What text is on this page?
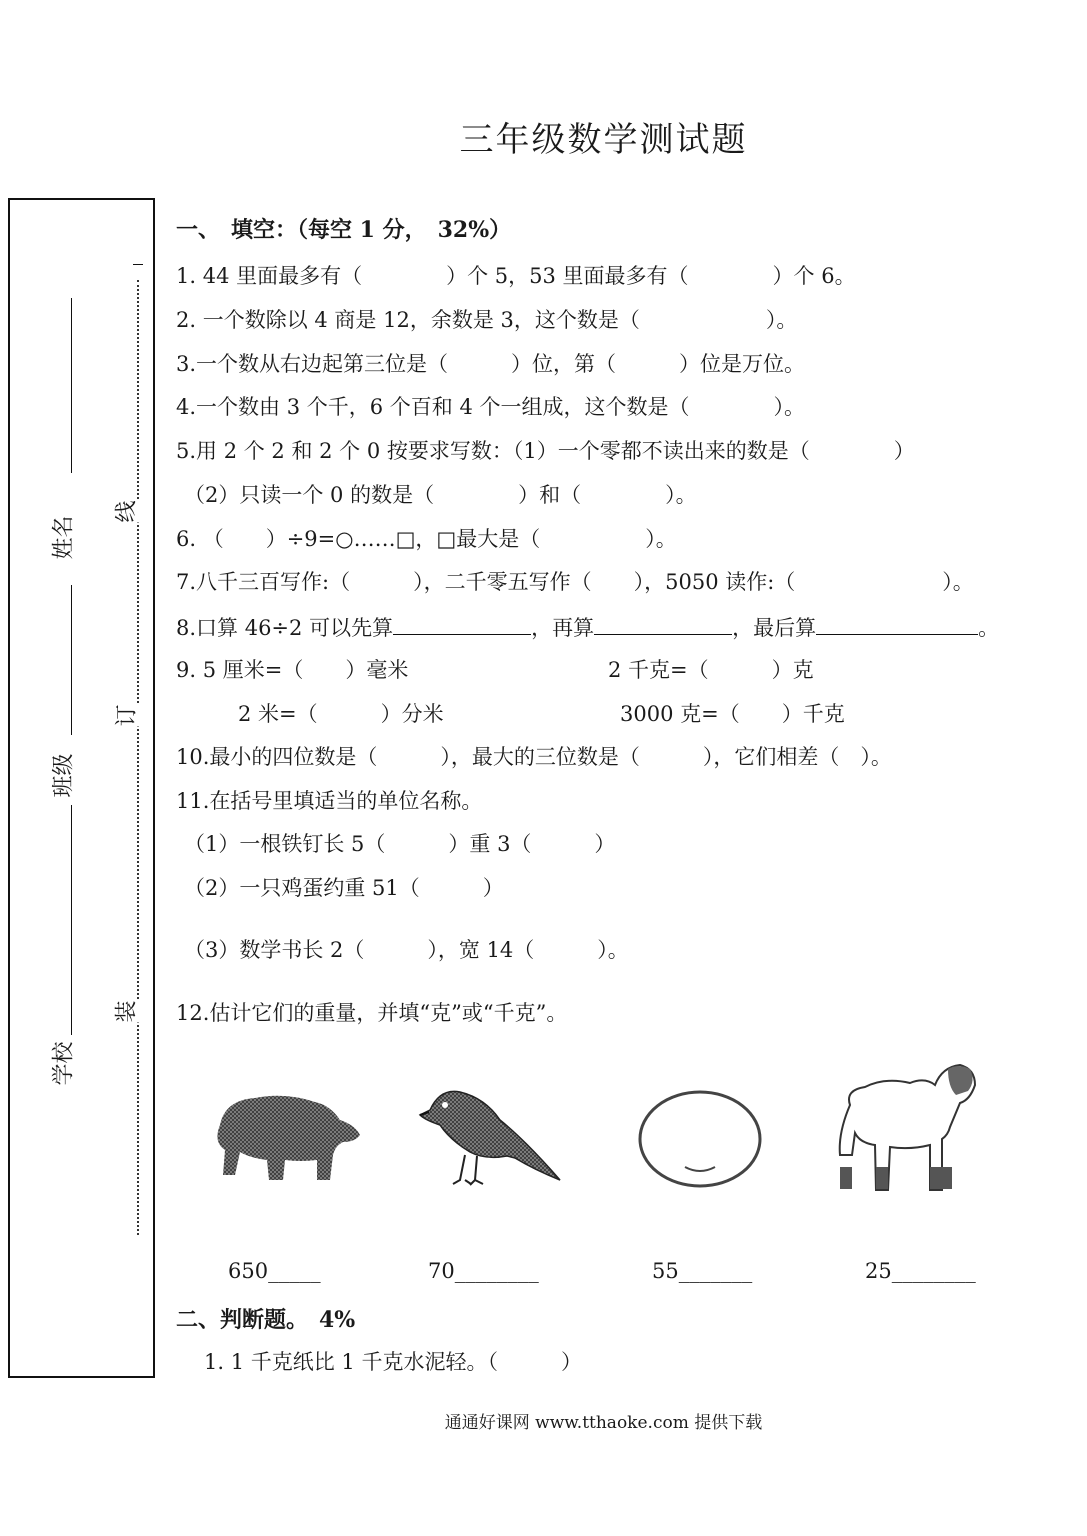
三年级数学测试题
姓名
班级
学校
线
订
装
一、　填空：（每空 1 分，　32%）
1. 44 里面最多有（　　　　）个 5，53 里面最多有（　　　　）个 6。
2. 一个数除以 4 商是 12，余数是 3，这个数是（　　　　　　）。
3.一个数从右边起第三位是（　　　）位，第（　　　）位是万位。
4.一个数由 3 个千，6 个百和 4 个一组成，这个数是（　　　　）。
5.用 2 个 2 和 2 个 0 按要求写数：（1）一个零都不读出来的数是（　　　　）
（2）只读一个 0 的数是（　　　　）和（　　　　）。
6. （　　）÷9=○……□，□最大是（　　　　　）。
7.八千三百写作:（　　　），二千零五写作（　　），5050 读作:（　　　　　　　）。
8.口算 46÷2 可以先算	，再算	，最后算	。
9. 5 厘米=（　　）毫米	2 千克=（　　　）克
2 米=（　　　）分米	3000 克=（　　）千克
10.最小的四位数是（　　　），最大的三位数是（　　　），它们相差（　）。
11.在括号里填适当的单位名称。
（1）一根铁钉长 5（　　　）重 3（　　　）
（2）一只鸡蛋约重 51（　　　）
（3）数学书长 2（　　　），宽 14（　　　）。
12.估计它们的重量，并填“克”或“千克”。
650_____	70________	55_______	25________
二、判断题。　4%
1. 1 千克纸比 1 千克水泥轻。（　　　）
通通好课网 www.tthaoke.com 提供下载
